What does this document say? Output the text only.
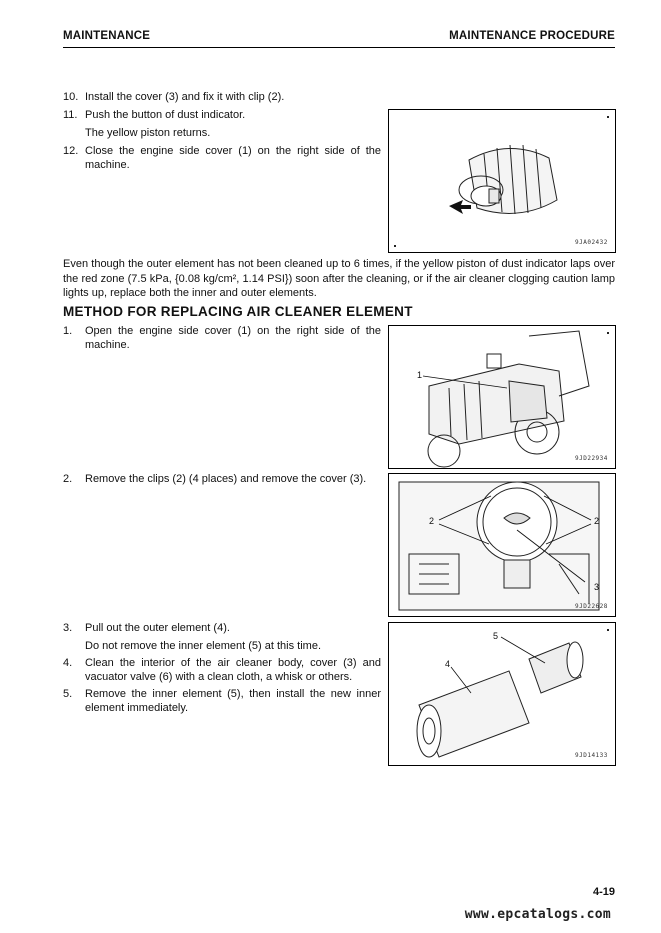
MAINTENANCE	MAINTENANCE PROCEDURE
10. Install the cover (3) and fix it with clip (2).
11. Push the button of dust indicator.
The yellow piston returns.
12. Close the engine side cover (1) on the right side of the machine.
9JA02432
Even though the outer element has not been cleaned up to 6 times, if the yellow piston of dust indicator laps over the red zone (7.5 kPa, {0.08 kg/cm², 1.14 PSI}) soon after the cleaning, or if the air cleaner clogging caution lamp lights up, replace both the inner and outer elements.
METHOD FOR REPLACING AIR CLEANER ELEMENT
1. Open the engine side cover (1) on the right side of the machine.
1
9JD22934
2. Remove the clips (2) (4 places) and remove the cover (3).
2	2
3
9JD22628
3. Pull out the outer element (4).
Do not remove the inner element (5) at this time.
4. Clean the interior of the air cleaner body, cover (3) and vacuator valve (6) with a clean cloth, a whisk or others.
5. Remove the inner element (5), then install the new inner element immediately.
5
4
9JD14133
4-19
www.epcatalogs.com
